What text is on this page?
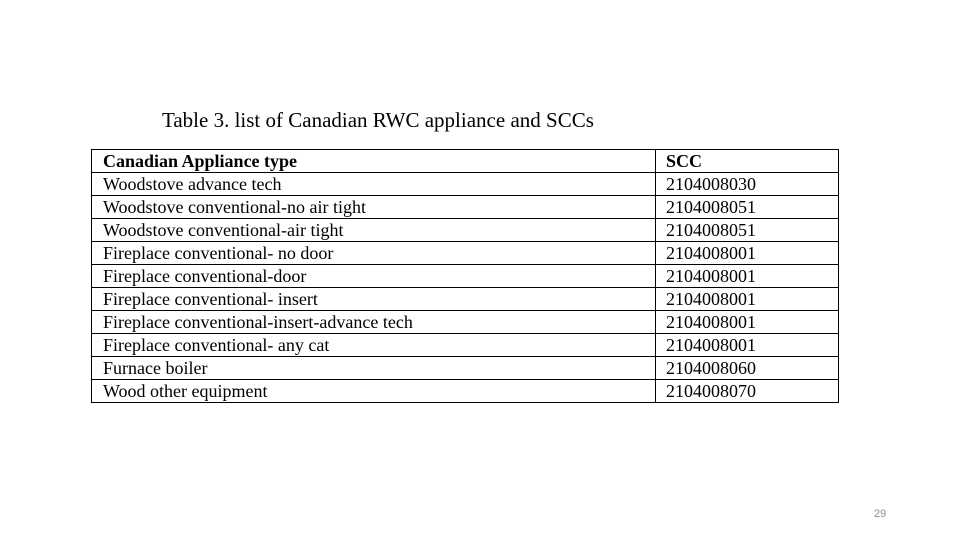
Table 3. list of Canadian RWC appliance and SCCs
Canadian Appliance type	SCC
Woodstove advance tech	2104008030
Woodstove conventional-no air tight	2104008051
Woodstove conventional-air tight	2104008051
Fireplace conventional- no door	2104008001
Fireplace conventional-door	2104008001
Fireplace conventional- insert	2104008001
Fireplace conventional-insert-advance tech	2104008001
Fireplace conventional- any cat	2104008001
Furnace boiler	2104008060
Wood other equipment	2104008070
29
